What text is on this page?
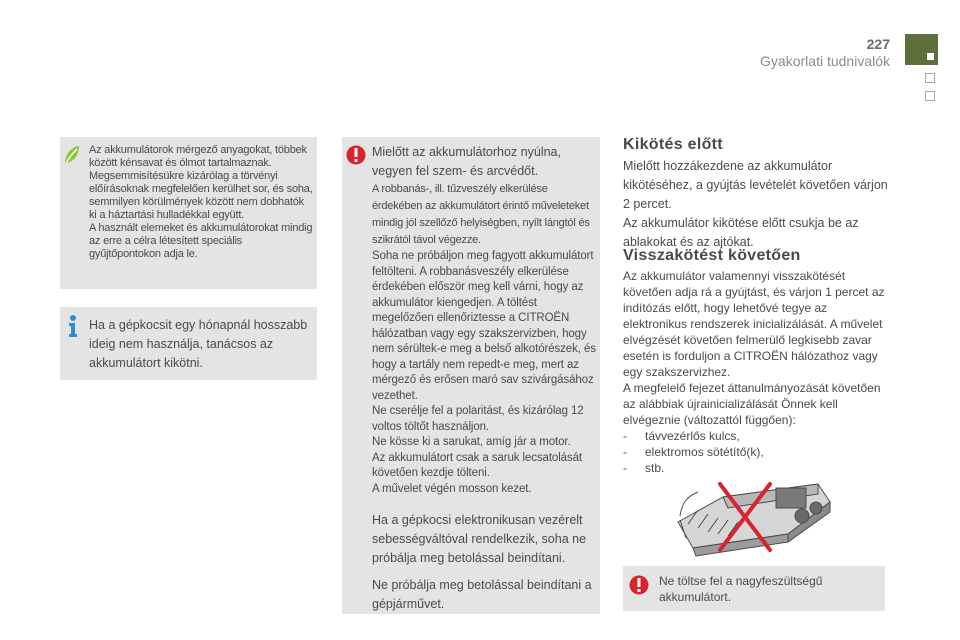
227
Gyakorlati tudnivalók

Az akkumulátorok mérgező anyagokat, többek között kénsavat és ólmot tartalmaznak. Megsemmisítésükre kizárólag a törvényi előírásoknak megfelelően kerülhet sor, és soha, semmilyen körülmények között nem dobhatók ki a háztartási hulladékkal együtt.

A használt elemeket és akkumulátorokat mindig az erre a célra létesített speciális gyűjtőpontokon adja le.

Ha a gépkocsit egy hónapnál hosszabb ideig nem használja, tanácsos az akkumulátort kikötni.

Mielőtt az akkumulátorhoz nyúlna, vegyen fel szem- és arcvédőt.

A robbanás-, ill. tűzveszély elkerülése érdekében az akkumulátort érintő műveleteket mindig jól szellőző helyiségben, nyílt lángtól és szikrától távol végezze.

Soha ne próbáljon meg fagyott akkumulátort feltölteni. A robbanásveszély elkerülése érdekében először meg kell várni, hogy az akkumulátor kiengedjen. A töltést megelőzően ellenőriztesse a CITROËN hálózatban vagy egy szakszervizben, hogy nem sérültek-e meg a belső alkotórészek, és hogy a tartály nem repedt-e meg, mert az mérgező és erősen maró sav szivárgásához vezethet.

Ne cserélje fel a polaritást, és kizárólag 12 voltos töltőt használjon.

Ne kösse ki a sarukat, amíg jár a motor.

Az akkumulátort csak a saruk lecsatolását követően kezdje tölteni.

A művelet végén mosson kezet.

Ha a gépkocsi elektronikusan vezérelt sebességváltóval rendelkezik, soha ne próbálja meg betolással beindítani.

Ne próbálja meg betolással beindítani a gépjárművet.

Kikötés előtt

Mielőtt hozzákezdene az akkumulátor kikötéséhez, a gyújtás levételét követően várjon 2 percet.

Az akkumulátor kikötése előtt csukja be az ablakokat és az ajtókat.

Visszakötést követően

Az akkumulátor valamennyi visszakötését követően adja rá a gyújtást, és várjon 1 percet az indítózás előtt, hogy lehetővé tegye az elektronikus rendszerek inicializálását. A művelet elvégzését követően felmerülő legkisebb zavar esetén is forduljon a CITROËN hálózathoz vagy egy szakszervizhez.

A megfelelő fejezet áttanulmányozását követően az alábbiak újrainicializálását Önnek kell elvégeznie (változattól függően):

-	távvezérlős kulcs,
-	elektromos sötétítő(k),
-	stb.

Ne töltse fel a nagyfeszültségű akkumulátort.
